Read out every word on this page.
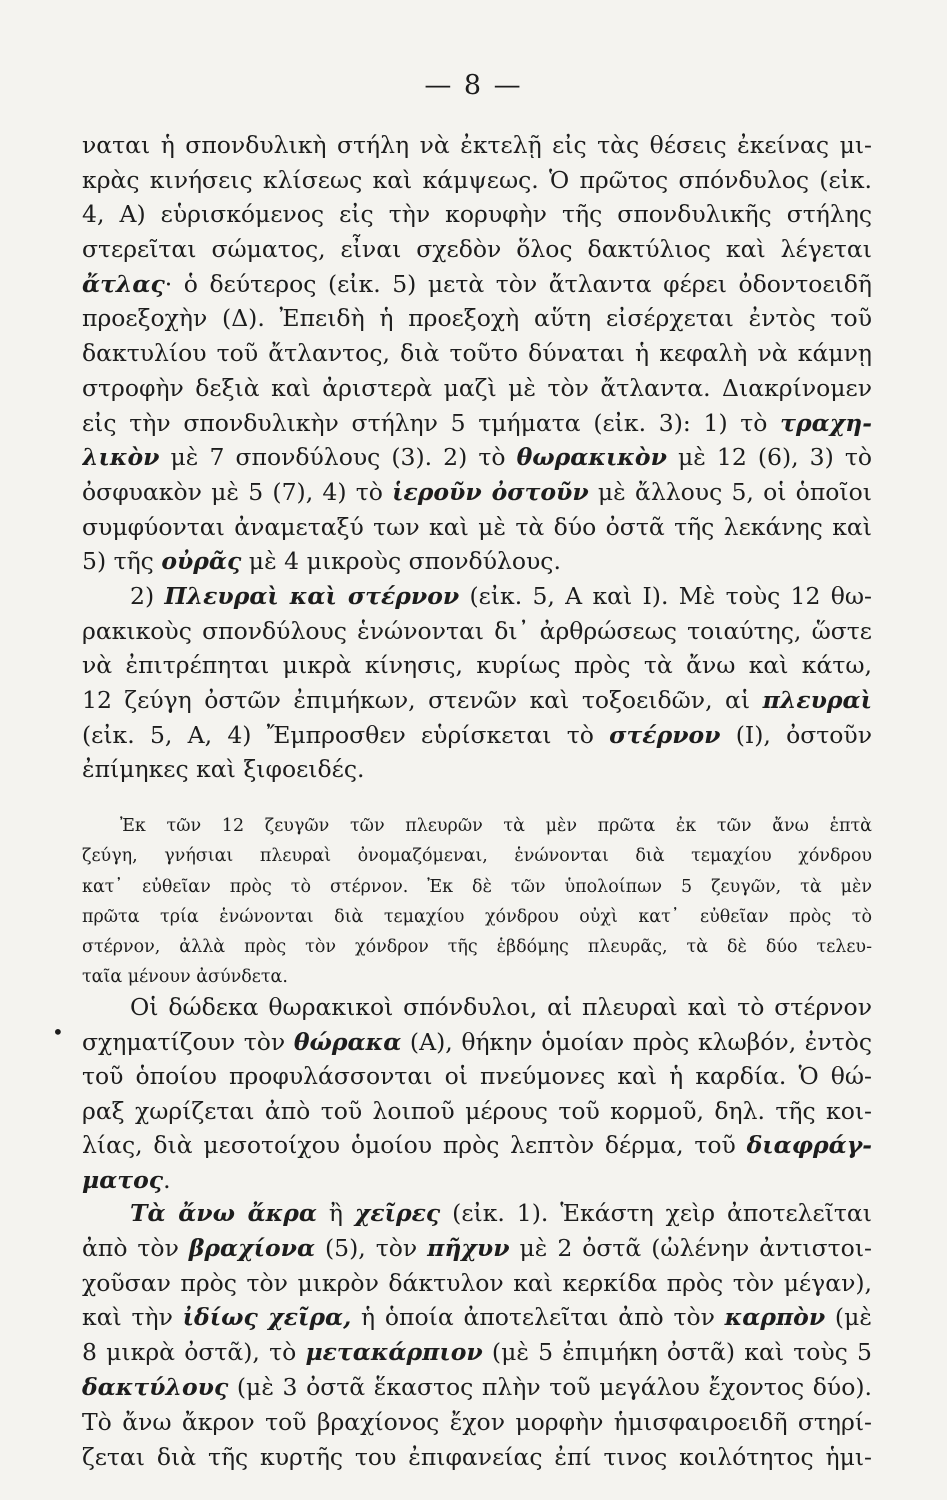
— 8 —
ναται ἡ σπονδυλικὴ στήλη νὰ ἐκτελῇ εἰς τὰς θέσεις ἐκείνας μι-
κρὰς κινήσεις κλίσεως καὶ κάμψεως. Ὁ πρῶτος σπόνδυλος (εἰκ.
4, Α) εὑρισκόμενος εἰς τὴν κορυφὴν τῆς σπονδυλικῆς στήλης
στερεῖται σώματος, εἶναι σχεδὸν ὅλος δακτύλιος καὶ λέγεται
ἄτλας· ὁ δεύτερος (εἰκ. 5) μετὰ τὸν ἄτλαντα φέρει ὀδοντοειδῆ
προεξοχὴν (Δ). Ἐπειδὴ ἡ προεξοχὴ αὕτη εἰσέρχεται ἐντὸς τοῦ
δακτυλίου τοῦ ἄτλαντος, διὰ τοῦτο δύναται ἡ κεφαλὴ νὰ κάμνῃ
στροφὴν δεξιὰ καὶ ἀριστερὰ μαζὶ μὲ τὸν ἄτλαντα. Διακρίνομεν
εἰς τὴν σπονδυλικὴν στήλην 5 τμήματα (εἰκ. 3): 1) τὸ τραχη-
λικὸν μὲ 7 σπονδύλους (3). 2) τὸ θωρακικὸν μὲ 12 (6), 3) τὸ
ὀσφυακὸν μὲ 5 (7), 4) τὸ ἱεροῦν ὀστοῦν μὲ ἄλλους 5, οἱ ὁποῖοι
συμφύονται ἀναμεταξύ των καὶ μὲ τὰ δύο ὀστᾶ τῆς λεκάνης καὶ
5) τῆς οὐρᾶς μὲ 4 μικροὺς σπονδύλους.
2) Πλευραὶ καὶ στέρνον (εἰκ. 5, Α καὶ Ι). Μὲ τοὺς 12 θω-
ρακικοὺς σπονδύλους ἑνώνονται δι᾽ ἀρθρώσεως τοιαύτης, ὥστε
νὰ ἐπιτρέπηται μικρὰ κίνησις, κυρίως πρὸς τὰ ἄνω καὶ κάτω,
12 ζεύγη ὀστῶν ἐπιμήκων, στενῶν καὶ τοξοειδῶν, αἱ πλευραὶ
(εἰκ. 5, Α, 4) Ἔμπροσθεν εὑρίσκεται τὸ στέρνον (Ι), ὀστοῦν
ἐπίμηκες καὶ ξιφοειδές.
Ἐκ τῶν 12 ζευγῶν τῶν πλευρῶν τὰ μὲν πρῶτα ἐκ τῶν ἄνω ἑπτὰ
ζεύγη, γνήσιαι πλευραὶ ὀνομαζόμεναι, ἑνώνονται διὰ τεμαχίου χόνδρου
κατ᾽ εὐθεῖαν πρὸς τὸ στέρνον. Ἐκ δὲ τῶν ὑπολοίπων 5 ζευγῶν, τὰ μὲν
πρῶτα τρία ἑνώνονται διὰ τεμαχίου χόνδρου οὐχὶ κατ᾽ εὐθεῖαν πρὸς τὸ
στέρνον, ἀλλὰ πρὸς τὸν χόνδρον τῆς ἑβδόμης πλευρᾶς, τὰ δὲ δύο τελευ-
ταῖα μένουν ἀσύνδετα.
•
Οἱ δώδεκα θωρακικοὶ σπόνδυλοι, αἱ πλευραὶ καὶ τὸ στέρνον
σχηματίζουν τὸν θώρακα (Α), θήκην ὁμοίαν πρὸς κλωβόν, ἐντὸς
τοῦ ὁποίου προφυλάσσονται οἱ πνεύμονες καὶ ἡ καρδία. Ὁ θώ-
ραξ χωρίζεται ἀπὸ τοῦ λοιποῦ μέρους τοῦ κορμοῦ, δηλ. τῆς κοι-
λίας, διὰ μεσοτοίχου ὁμοίου πρὸς λεπτὸν δέρμα, τοῦ διαφράγ-
ματος.
Τὰ ἄνω ἄκρα ἢ χεῖρες (εἰκ. 1). Ἑκάστη χεὶρ ἀποτελεῖται
ἀπὸ τὸν βραχίονα (5), τὸν πῆχυν μὲ 2 ὀστᾶ (ὠλένην ἀντιστοι-
χοῦσαν πρὸς τὸν μικρὸν δάκτυλον καὶ κερκίδα πρὸς τὸν μέγαν),
καὶ τὴν ἰδίως χεῖρα, ἡ ὁποία ἀποτελεῖται ἀπὸ τὸν καρπὸν (μὲ
8 μικρὰ ὀστᾶ), τὸ μετακάρπιον (μὲ 5 ἐπιμήκη ὀστᾶ) καὶ τοὺς 5
δακτύλους (μὲ 3 ὀστᾶ ἕκαστος πλὴν τοῦ μεγάλου ἔχοντος δύο).
Τὸ ἄνω ἄκρον τοῦ βραχίονος ἔχον μορφὴν ἡμισφαιροειδῆ στηρί-
ζεται διὰ τῆς κυρτῆς του ἐπιφανείας ἐπί τινος κοιλότητος ἡμι-
